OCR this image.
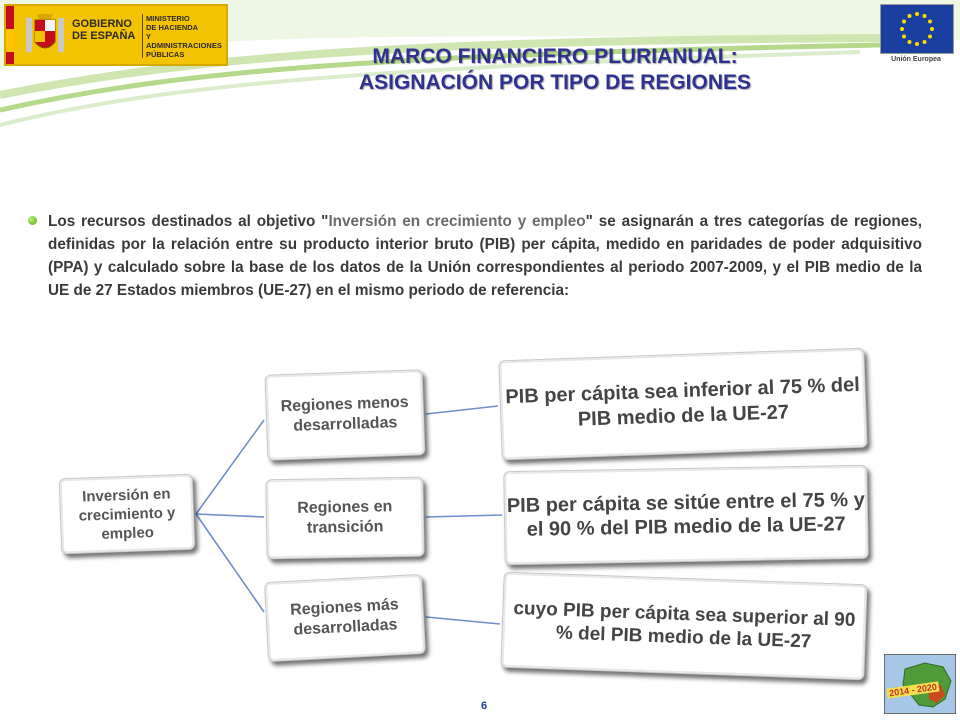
GOBIERNO
DE ESPAÑA
MINISTERIO
DE HACIENDA
Y ADMINISTRACIONES
PÚBLICAS
Unión Europea
MARCO FINANCIERO PLURIANUAL:
ASIGNACIÓN POR TIPO DE REGIONES
Los recursos destinados al objetivo "Inversión en crecimiento y empleo" se asignarán a tres categorías de regiones, definidas por la relación entre su producto interior bruto (PIB) per cápita, medido en paridades de poder adquisitivo (PPA) y calculado sobre la base de los datos de la Unión correspondientes al periodo 2007-2009, y el PIB medio de la UE de 27 Estados miembros (UE-27) en el mismo periodo de referencia:
Inversión en crecimiento y empleo
Regiones menos desarrolladas
Regiones en transición
Regiones más desarrolladas
PIB per cápita sea inferior al 75 % del PIB medio de la UE-27
PIB per cápita se sitúe entre el 75 % y el 90 % del PIB medio de la UE-27
cuyo PIB per cápita sea superior al 90 % del PIB medio de la UE-27
6
2014 - 2020
